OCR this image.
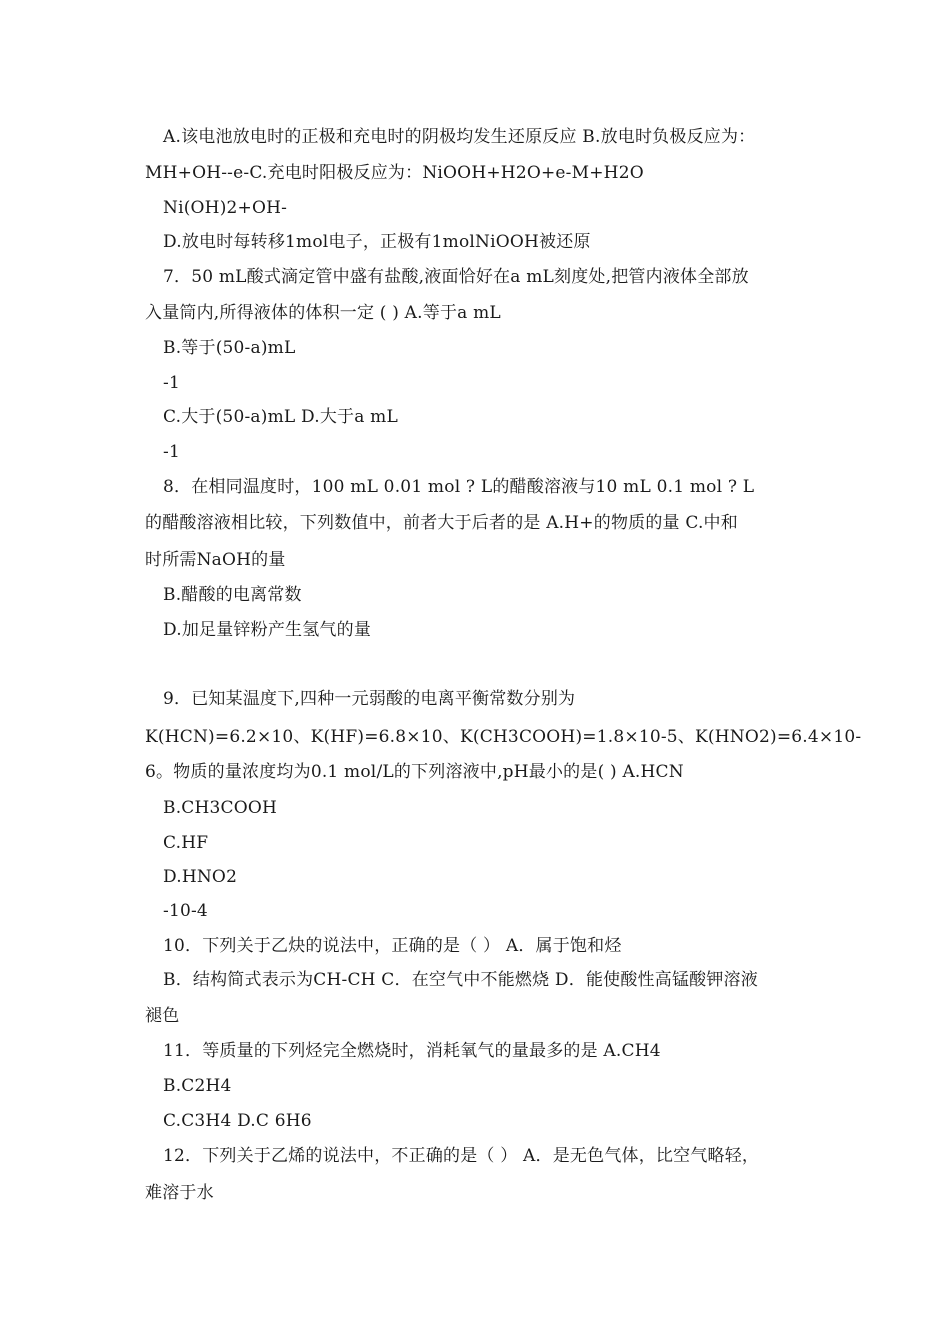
A.该电池放电时的正极和充电时的阴极均发生还原反应 B.放电时负极反应为：
MH+OH--e-C.充电时阳极反应为：NiOOH+H2O+e-M+H2O
Ni(OH)2+OH-
D.放电时每转移1mol电子，正极有1molNiOOH被还原
7．50 mL酸式滴定管中盛有盐酸,液面恰好在a mL刻度处,把管内液体全部放
入量筒内,所得液体的体积一定 ( ) A.等于a mL
B.等于(50-a)mL
-1
C.大于(50-a)mL D.大于a mL
-1
8．在相同温度时，100 mL 0.01 mol ? L的醋酸溶液与10 mL 0.1 mol ? L
的醋酸溶液相比较，下列数值中，前者大于后者的是 A.H+的物质的量 C.中和
时所需NaOH的量
B.醋酸的电离常数
D.加足量锌粉产生氢气的量
9．已知某温度下,四种一元弱酸的电离平衡常数分别为
K(HCN)=6.2×10、K(HF)=6.8×10、K(CH3COOH)=1.8×10-5、K(HNO2)=6.4×10-
6。物质的量浓度均为0.1 mol/L的下列溶液中,pH最小的是( ) A.HCN
B.CH3COOH
C.HF
D.HNO2
-10-4
10．下列关于乙炔的说法中，正确的是（ ） A．属于饱和烃
B．结构简式表示为CH-CH C．在空气中不能燃烧 D．能使酸性高锰酸钾溶液
褪色
11．等质量的下列烃完全燃烧时，消耗氧气的量最多的是 A.CH4
B.C2H4
C.C3H4 D.C 6H6
12．下列关于乙烯的说法中，不正确的是（ ） A．是无色气体，比空气略轻，
难溶于水
